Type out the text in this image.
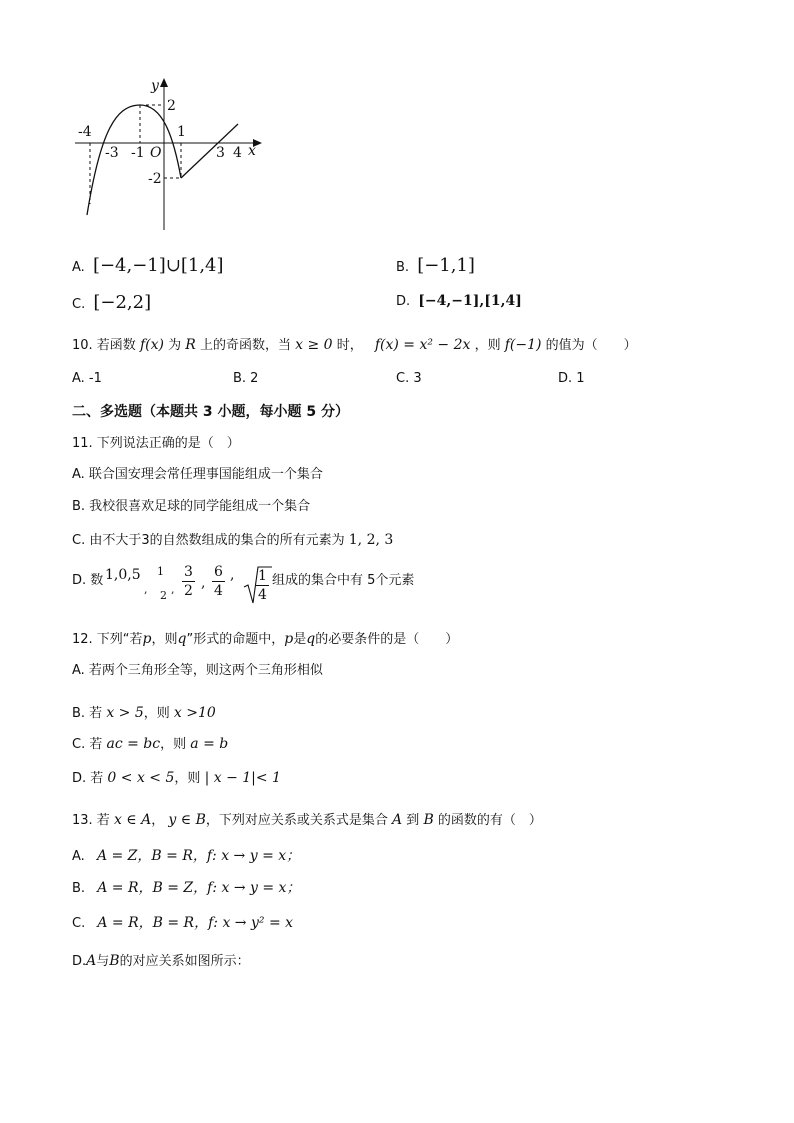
-4
-3 -1 O
1
3 4 x
y
2
-2
A. [−4,−1]∪[1,4]	B. [−1,1]
C. [−2,2]	D. [−4,−1],[1,4]
10. 若函数 f(x) 为 R 上的奇函数，当 x ≥ 0 时， f(x) = x² − 2x ，则 f(−1) 的值为（　　）
A. -1	B. 2	C. 3	D. 1
二、多选题（本题共 3 小题，每小题 5 分）
11. 下列说法正确的是（　）
A. 联合国安理会常任理事国能组成一个集合
B. 我校很喜欢足球的同学能组成一个集合
C. 由不大于3的自然数组成的集合的所有元素为 1, 2, 3
D. 数 1,0,5 1
, 2 , $\frac{3}{2}$ , $\frac{6}{4}$ , $\frac{1}{4}$ 组成的集合中有 5个元素
12. 下列“若p，则q”形式的命题中，p是q的必要条件的是（　　）
A. 若两个三角形全等，则这两个三角形相似
B. 若 x > 5，则 x >10
C. 若 ac = bc，则 a = b
D. 若 0 < x < 5，则 | x − 1|< 1
13. 若 x ∈ A， y ∈ B，下列对应关系或关系式是集合 A 到 B 的函数的有（　）
A. A = Z，B = R，f: x → y = x；
B. A = R，B = Z，f: x → y = x；
C. A = R，B = R，f: x → y² = x
D.A与B的对应关系如图所示：
